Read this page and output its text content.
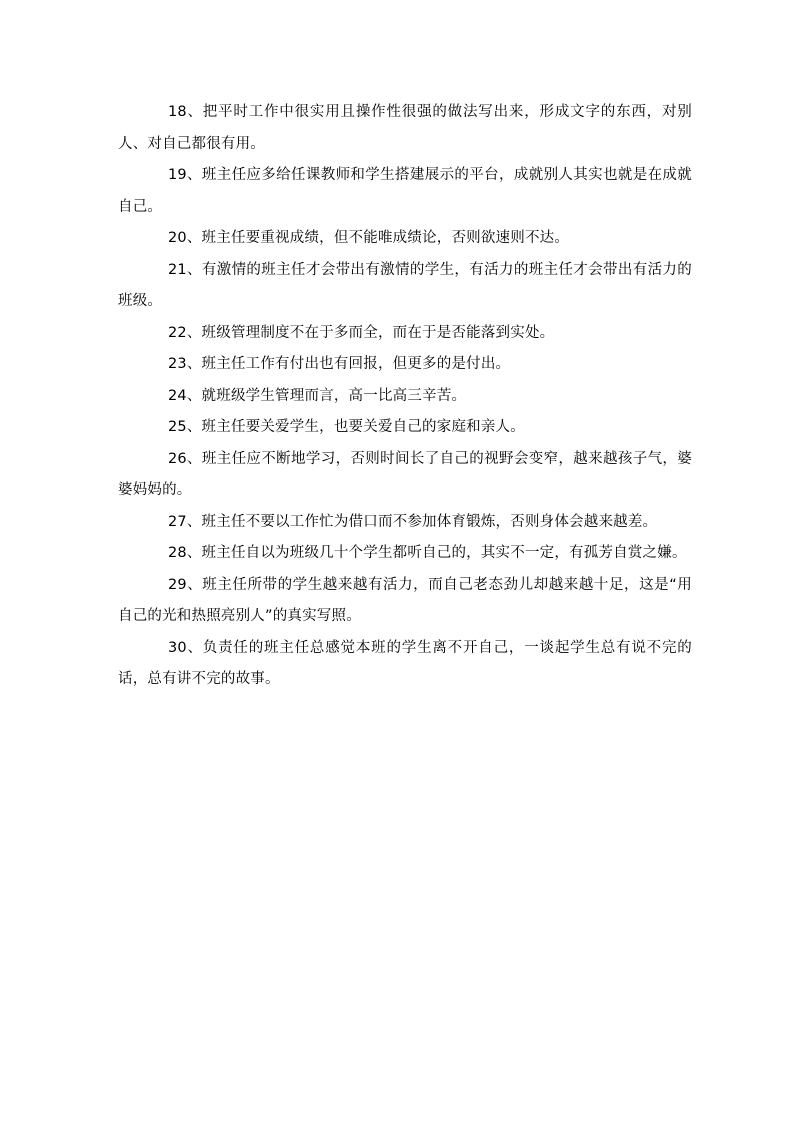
18、把平时工作中很实用且操作性很强的做法写出来，形成文字的东西，对别人、对自己都很有用。

19、班主任应多给任课教师和学生搭建展示的平台，成就别人其实也就是在成就自己。

20、班主任要重视成绩，但不能唯成绩论，否则欲速则不达。

21、有激情的班主任才会带出有激情的学生，有活力的班主任才会带出有活力的班级。

22、班级管理制度不在于多而全，而在于是否能落到实处。

23、班主任工作有付出也有回报，但更多的是付出。

24、就班级学生管理而言，高一比高三辛苦。

25、班主任要关爱学生，也要关爱自己的家庭和亲人。

26、班主任应不断地学习，否则时间长了自己的视野会变窄，越来越孩子气，婆婆妈妈的。

27、班主任不要以工作忙为借口而不参加体育锻炼，否则身体会越来越差。

28、班主任自以为班级几十个学生都听自己的，其实不一定，有孤芳自赏之嫌。

29、班主任所带的学生越来越有活力，而自己老态劲儿却越来越十足，这是“用自己的光和热照亮别人”的真实写照。

30、负责任的班主任总感觉本班的学生离不开自己，一谈起学生总有说不完的话，总有讲不完的故事。
